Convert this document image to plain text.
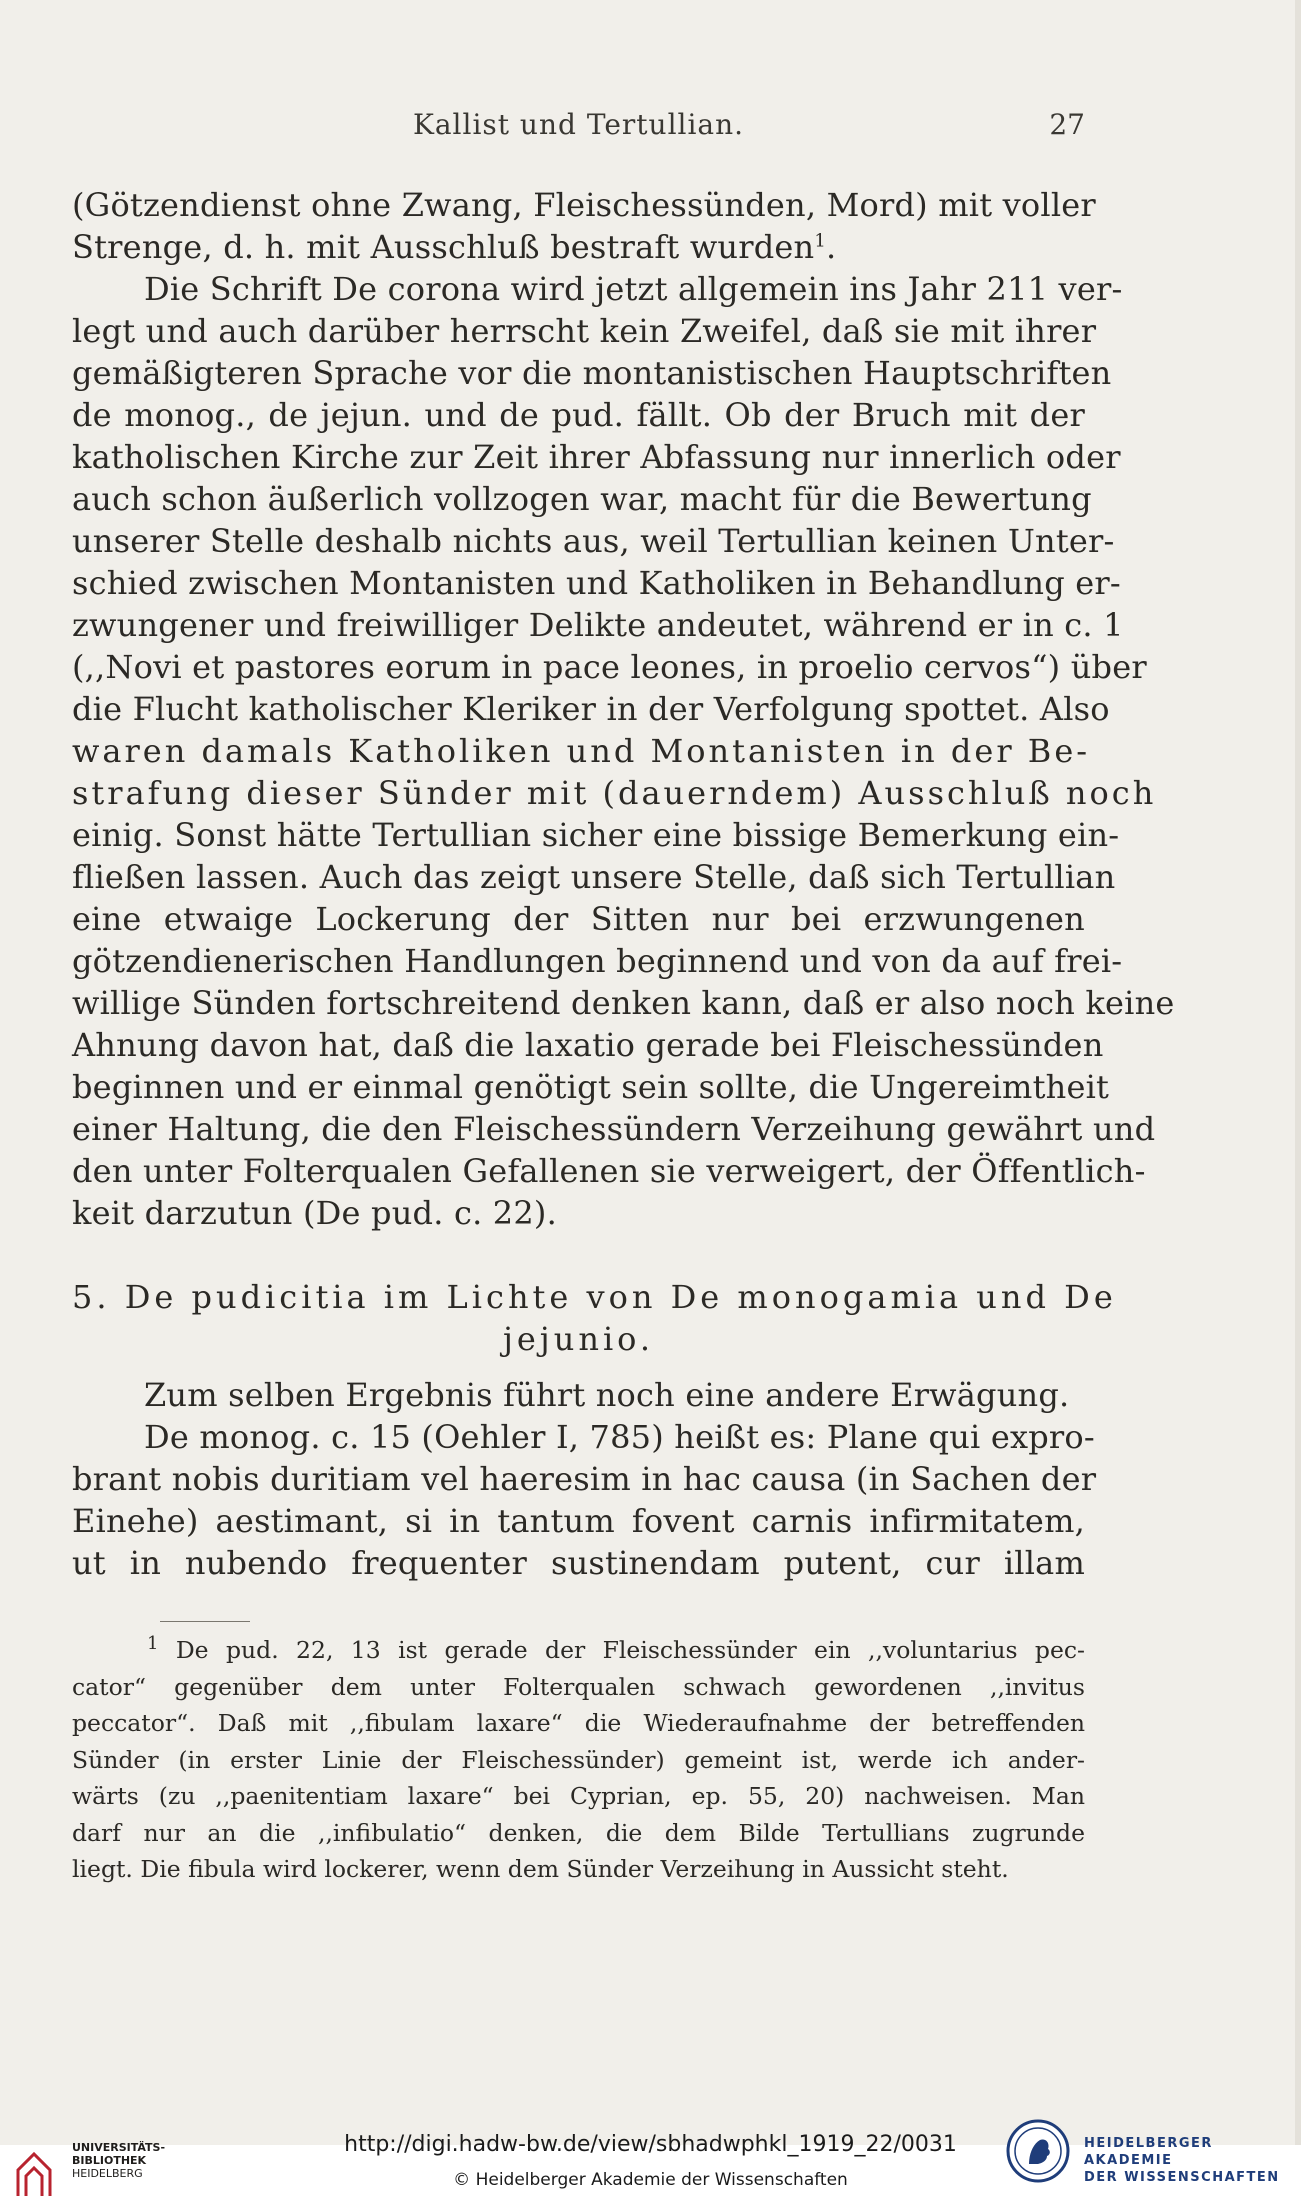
Kallist und Tertullian.	27
(Götzendienst ohne Zwang, Fleischessünden, Mord) mit voller
Strenge, d. h. mit Ausschluß bestraft wurden$^1$.
Die Schrift De corona wird jetzt allgemein ins Jahr 211 ver-
legt und auch darüber herrscht kein Zweifel, daß sie mit ihrer
gemäßigteren Sprache vor die montanistischen Hauptschriften
de monog., de jejun. und de pud. fällt. Ob der Bruch mit der
katholischen Kirche zur Zeit ihrer Abfassung nur innerlich oder
auch schon äußerlich vollzogen war, macht für die Bewertung
unserer Stelle deshalb nichts aus, weil Tertullian keinen Unter-
schied zwischen Montanisten und Katholiken in Behandlung er-
zwungener und freiwilliger Delikte andeutet, während er in c. 1
(,,Novi et pastores eorum in pace leones, in proelio cervos“) über
die Flucht katholischer Kleriker in der Verfolgung spottet. Also
waren damals Katholiken und Montanisten in der Be-
strafung dieser Sünder mit (dauerndem) Ausschluß noch
einig. Sonst hätte Tertullian sicher eine bissige Bemerkung ein-
fließen lassen. Auch das zeigt unsere Stelle, daß sich Tertullian
eine etwaige Lockerung der Sitten nur bei erzwungenen
götzendienerischen Handlungen beginnend und von da auf frei-
willige Sünden fortschreitend denken kann, daß er also noch keine
Ahnung davon hat, daß die laxatio gerade bei Fleischessünden
beginnen und er einmal genötigt sein sollte, die Ungereimtheit
einer Haltung, die den Fleischessündern Verzeihung gewährt und
den unter Folterqualen Gefallenen sie verweigert, der Öffentlich-
keit darzutun (De pud. c. 22).
5. De pudicitia im Lichte von De monogamia und De
jejunio.
Zum selben Ergebnis führt noch eine andere Erwägung.
De monog. c. 15 (Oehler I, 785) heißt es: Plane qui expro-
brant nobis duritiam vel haeresim in hac causa (in Sachen der
Einehe) aestimant, si in tantum fovent carnis infirmitatem,
ut in nubendo frequenter sustinendam putent, cur illam
$^1$ De pud. 22, 13 ist gerade der Fleischessünder ein ,,voluntarius pec-
cator“ gegenüber dem unter Folterqualen schwach gewordenen ,,invitus
peccator“. Daß mit ,,fibulam laxare“ die Wiederaufnahme der betreffenden
Sünder (in erster Linie der Fleischessünder) gemeint ist, werde ich ander-
wärts (zu ,,paenitentiam laxare“ bei Cyprian, ep. 55, 20) nachweisen. Man
darf nur an die ,,infibulatio“ denken, die dem Bilde Tertullians zugrunde
liegt. Die fibula wird lockerer, wenn dem Sünder Verzeihung in Aussicht steht.
UNIVERSITÄTS-
BIBLIOTHEK
HEIDELBERG
http://digi.hadw-bw.de/view/sbhadwphkl_1919_22/0031
© Heidelberger Akademie der Wissenschaften
HEIDELBERGER AKADEMIE
DER WISSENSCHAFTEN
